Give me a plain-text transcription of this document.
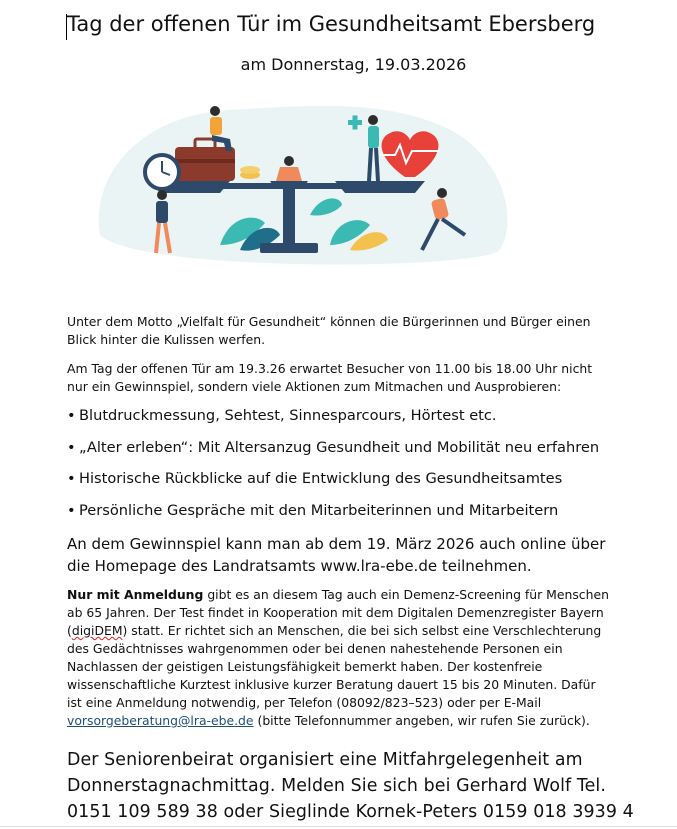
Tag der offenen Tür im Gesundheitsamt Ebersberg
am Donnerstag, 19.03.2026
Unter dem Motto „Vielfalt für Gesundheit“ können die Bürgerinnen und Bürger einen Blick hinter die Kulissen werfen.
Am Tag der offenen Tür am 19.3.26 erwartet Besucher von 11.00 bis 18.00 Uhr nicht nur ein Gewinnspiel, sondern viele Aktionen zum Mitmachen und Ausprobieren:
• Blutdruckmessung, Sehtest, Sinnesparcours, Hörtest etc.
• „Alter erleben“: Mit Altersanzug Gesundheit und Mobilität neu erfahren
• Historische Rückblicke auf die Entwicklung des Gesundheitsamtes
• Persönliche Gespräche mit den Mitarbeiterinnen und Mitarbeitern
An dem Gewinnspiel kann man ab dem 19. März 2026 auch online über die Homepage des Landratsamts www.lra-ebe.de teilnehmen.
Nur mit Anmeldung gibt es an diesem Tag auch ein Demenz-Screening für Menschen ab 65 Jahren. Der Test findet in Kooperation mit dem Digitalen Demenzregister Bayern (digiDEM) statt. Er richtet sich an Menschen, die bei sich selbst eine Verschlechterung des Gedächtnisses wahrgenommen oder bei denen nahestehende Personen ein Nachlassen der geistigen Leistungsfähigkeit bemerkt haben. Der kostenfreie wissenschaftliche Kurztest inklusive kurzer Beratung dauert 15 bis 20 Minuten. Dafür ist eine Anmeldung notwendig, per Telefon (08092/823–523) oder per E-Mail vorsorgeberatung@lra-ebe.de (bitte Telefonnummer angeben, wir rufen Sie zurück).
Der Seniorenbeirat organisiert eine Mitfahrgelegenheit am Donnerstagnachmittag. Melden Sie sich bei Gerhard Wolf Tel. 0151 109 589 38 oder Sieglinde Kornek-Peters 0159 018 3939 4
